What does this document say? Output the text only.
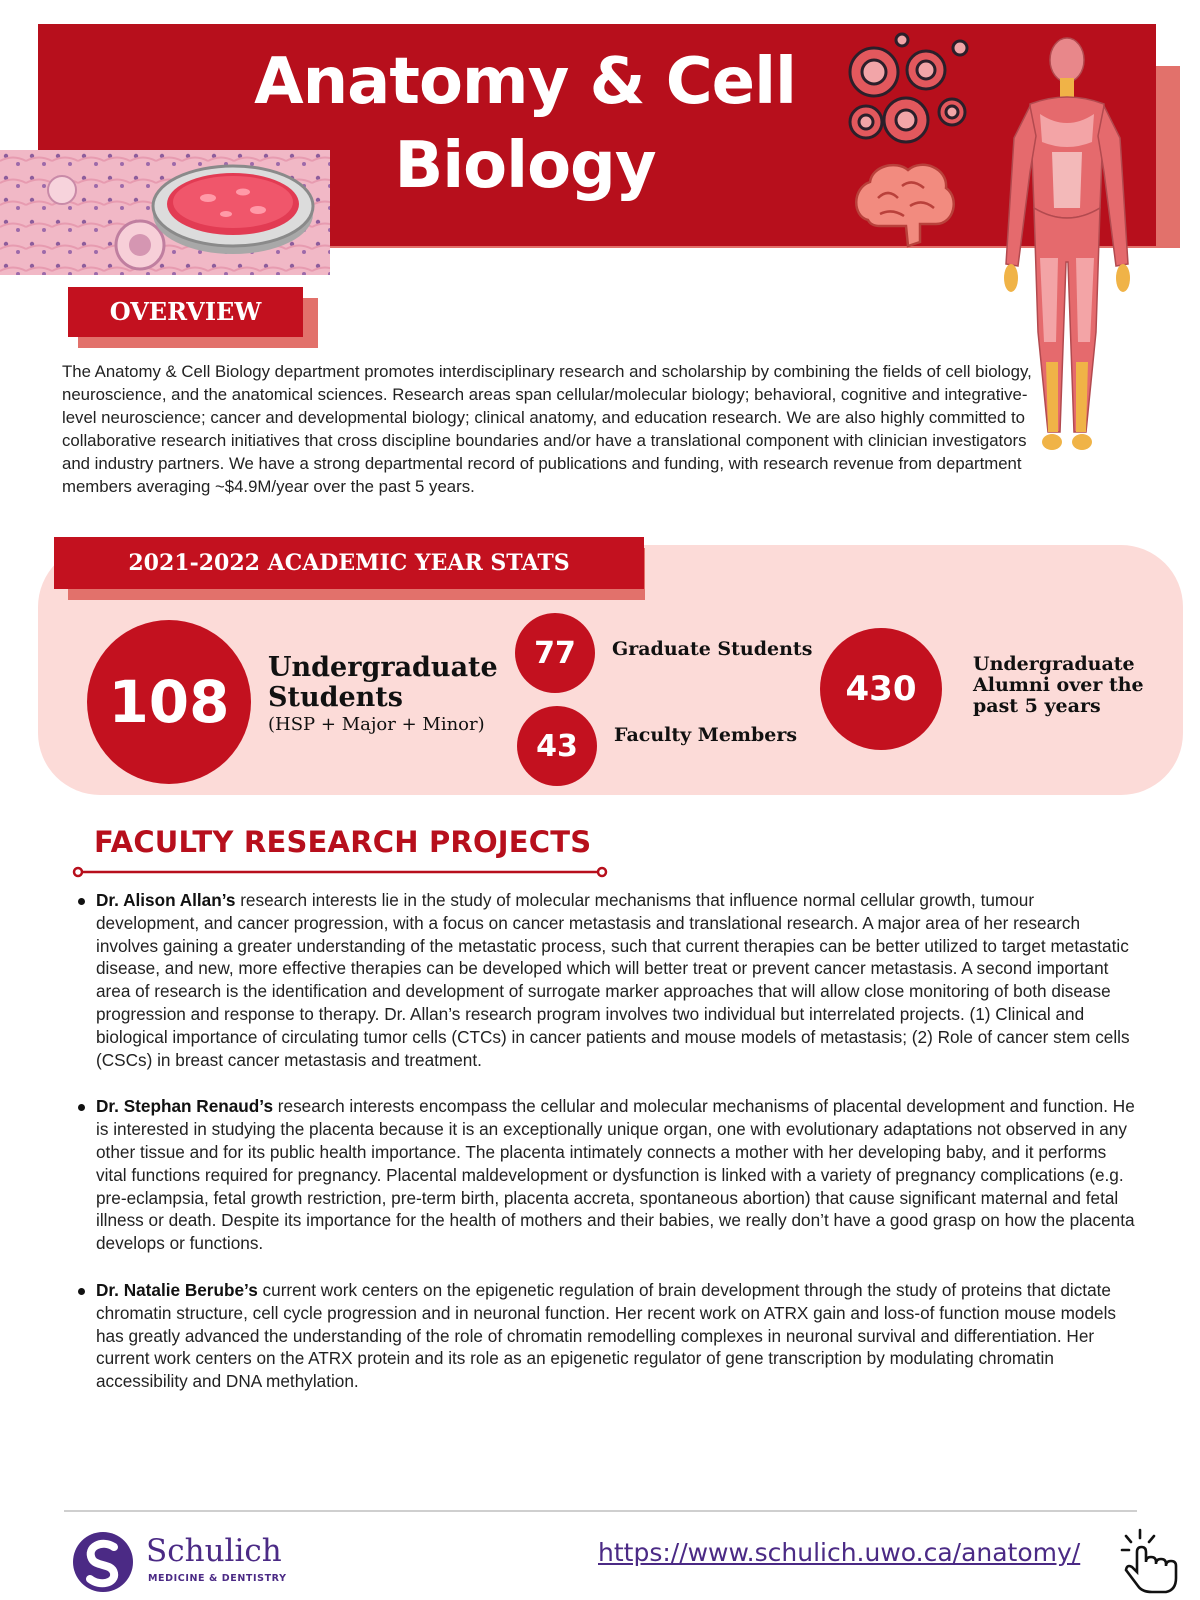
Anatomy & Cell
Biology
OVERVIEW

The Anatomy & Cell Biology department promotes interdisciplinary research and scholarship by combining the fields of cell biology, neuroscience, and the anatomical sciences. Research areas span cellular/molecular biology; behavioral, cognitive and integrative-level neuroscience; cancer and developmental biology; clinical anatomy, and education research. We are also highly committed to collaborative research initiatives that cross discipline boundaries and/or have a translational component with clinician investigators and industry partners. We have a strong departmental record of publications and funding, with research revenue from department members averaging ~$4.9M/year over the past 5 years.

2021-2022 ACADEMIC YEAR STATS
108
Undergraduate Students
(HSP + Major + Minor)
77	Graduate Students
43	Faculty Members
430
Undergraduate Alumni over the past 5 years
FACULTY RESEARCH PROJECTS
Dr. Alison Allan’s research interests lie in the study of molecular mechanisms that influence normal cellular growth, tumour development, and cancer progression, with a focus on cancer metastasis and translational research. A major area of her research involves gaining a greater understanding of the metastatic process, such that current therapies can be better utilized to target metastatic disease, and new, more effective therapies can be developed which will better treat or prevent cancer metastasis. A second important area of research is the identification and development of surrogate marker approaches that will allow close monitoring of both disease progression and response to therapy. Dr. Allan’s research program involves two individual but interrelated projects. (1) Clinical and biological importance of circulating tumor cells (CTCs) in cancer patients and mouse models of metastasis; (2) Role of cancer stem cells (CSCs) in breast cancer metastasis and treatment.
Dr. Stephan Renaud’s research interests encompass the cellular and molecular mechanisms of placental development and function. He is interested in studying the placenta because it is an exceptionally unique organ, one with evolutionary adaptations not observed in any other tissue and for its public health importance. The placenta intimately connects a mother with her developing baby, and it performs vital functions required for pregnancy. Placental maldevelopment or dysfunction is linked with a variety of pregnancy complications (e.g. pre-eclampsia, fetal growth restriction, pre-term birth, placenta accreta, spontaneous abortion) that cause significant maternal and fetal illness or death. Despite its importance for the health of mothers and their babies, we really don’t have a good grasp on how the placenta develops or functions.
Dr. Natalie Berube’s current work centers on the epigenetic regulation of brain development through the study of proteins that dictate chromatin structure, cell cycle progression and in neuronal function. Her recent work on ATRX gain and loss-of function mouse models has greatly advanced the understanding of the role of chromatin remodelling complexes in neuronal survival and differentiation. Her current work centers on the ATRX protein and its role as an epigenetic regulator of gene transcription by modulating chromatin accessibility and DNA methylation.
Schulich
MEDICINE & DENTISTRY
https://www.schulich.uwo.ca/anatomy/
